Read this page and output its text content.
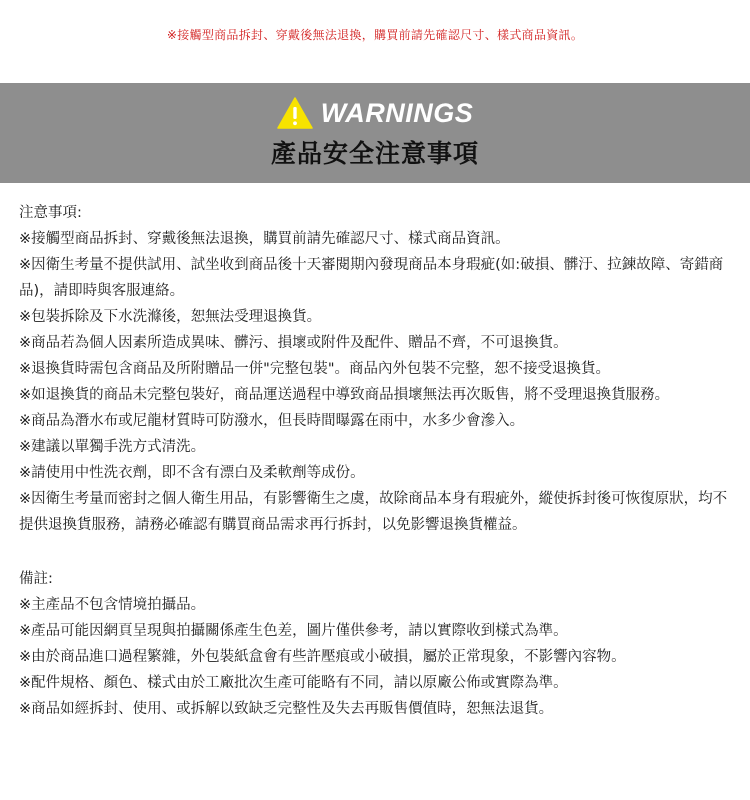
※接觸型商品拆封、穿戴後無法退換，購買前請先確認尺寸、樣式商品資訊。
WARNINGS
產品安全注意事項
注意事項:
※接觸型商品拆封、穿戴後無法退換，購買前請先確認尺寸、樣式商品資訊。
※因衛生考量不提供試用、試坐收到商品後十天審閱期內發現商品本身瑕疵(如:破損、髒汙、拉鍊故障、寄錯商品)，請即時與客服連絡。
※包裝拆除及下水洗滌後，恕無法受理退換貨。
※商品若為個人因素所造成異味、髒污、損壞或附件及配件、贈品不齊，不可退換貨。
※退換貨時需包含商品及所附贈品一併"完整包裝"。商品內外包裝不完整，恕不接受退換貨。
※如退換貨的商品未完整包裝好，商品運送過程中導致商品損壞無法再次販售，將不受理退換貨服務。
※商品為潛水布或尼龍材質時可防潑水，但長時間曝露在雨中，水多少會滲入。
※建議以單獨手洗方式清洗。
※請使用中性洗衣劑，即不含有漂白及柔軟劑等成份。
※因衛生考量而密封之個人衛生用品，有影響衛生之虞，故除商品本身有瑕疵外，縱使拆封後可恢復原狀，均不提供退換貨服務，請務必確認有購買商品需求再行拆封，以免影響退換貨權益。
備註:
※主產品不包含情境拍攝品。
※產品可能因網頁呈現與拍攝關係產生色差，圖片僅供參考，請以實際收到樣式為準。
※由於商品進口過程繁雜，外包裝紙盒會有些許壓痕或小破損，屬於正常現象，不影響內容物。
※配件規格、顏色、樣式由於工廠批次生產可能略有不同，請以原廠公佈或實際為準。
※商品如經拆封、使用、或拆解以致缺乏完整性及失去再販售價值時，恕無法退貨。
